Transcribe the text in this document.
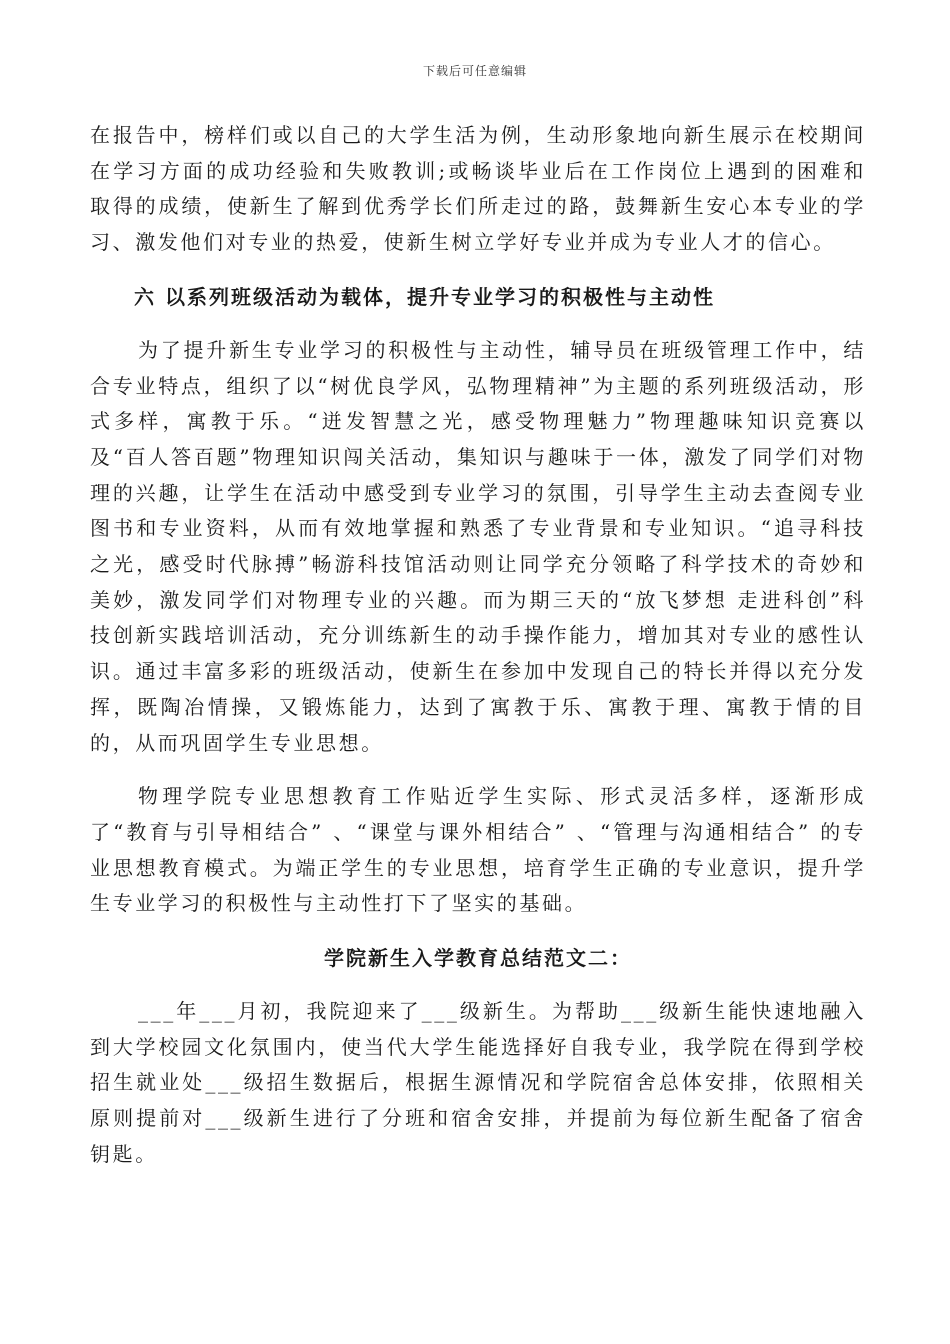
下载后可任意编辑

在报告中，榜样们或以自己的大学生活为例，生动形象地向新生展示在校期间在学习方面的成功经验和失败教训;或畅谈毕业后在工作岗位上遇到的困难和取得的成绩，使新生了解到优秀学长们所走过的路，鼓舞新生安心本专业的学习、激发他们对专业的热爱，使新生树立学好专业并成为专业人才的信心。

六 以系列班级活动为载体，提升专业学习的积极性与主动性

为了提升新生专业学习的积极性与主动性，辅导员在班级管理工作中，结合专业特点，组织了以“树优良学风，弘物理精神”为主题的系列班级活动，形式多样，寓教于乐。“迸发智慧之光，感受物理魅力”物理趣味知识竞赛以及“百人答百题”物理知识闯关活动，集知识与趣味于一体，激发了同学们对物理的兴趣，让学生在活动中感受到专业学习的氛围，引导学生主动去查阅专业图书和专业资料，从而有效地掌握和熟悉了专业背景和专业知识。“追寻科技之光，感受时代脉搏”畅游科技馆活动则让同学充分领略了科学技术的奇妙和美妙，激发同学们对物理专业的兴趣。而为期三天的“放飞梦想 走进科创”科技创新实践培训活动，充分训练新生的动手操作能力，增加其对专业的感性认识。通过丰富多彩的班级活动，使新生在参加中发现自己的特长并得以充分发挥，既陶冶情操，又锻炼能力，达到了寓教于乐、寓教于理、寓教于情的目的，从而巩固学生专业思想。

物理学院专业思想教育工作贴近学生实际、形式灵活多样，逐渐形成了“教育与引导相结合” 、“课堂与课外相结合” 、“管理与沟通相结合” 的专业思想教育模式。为端正学生的专业思想，培育学生正确的专业意识，提升学生专业学习的积极性与主动性打下了坚实的基础。

学院新生入学教育总结范文二：

___年___月初，我院迎来了___级新生。为帮助___级新生能快速地融入到大学校园文化氛围内，使当代大学生能选择好自我专业，我学院在得到学校招生就业处___级招生数据后，根据生源情况和学院宿舍总体安排，依照相关原则提前对___级新生进行了分班和宿舍安排，并提前为每位新生配备了宿舍钥匙。
